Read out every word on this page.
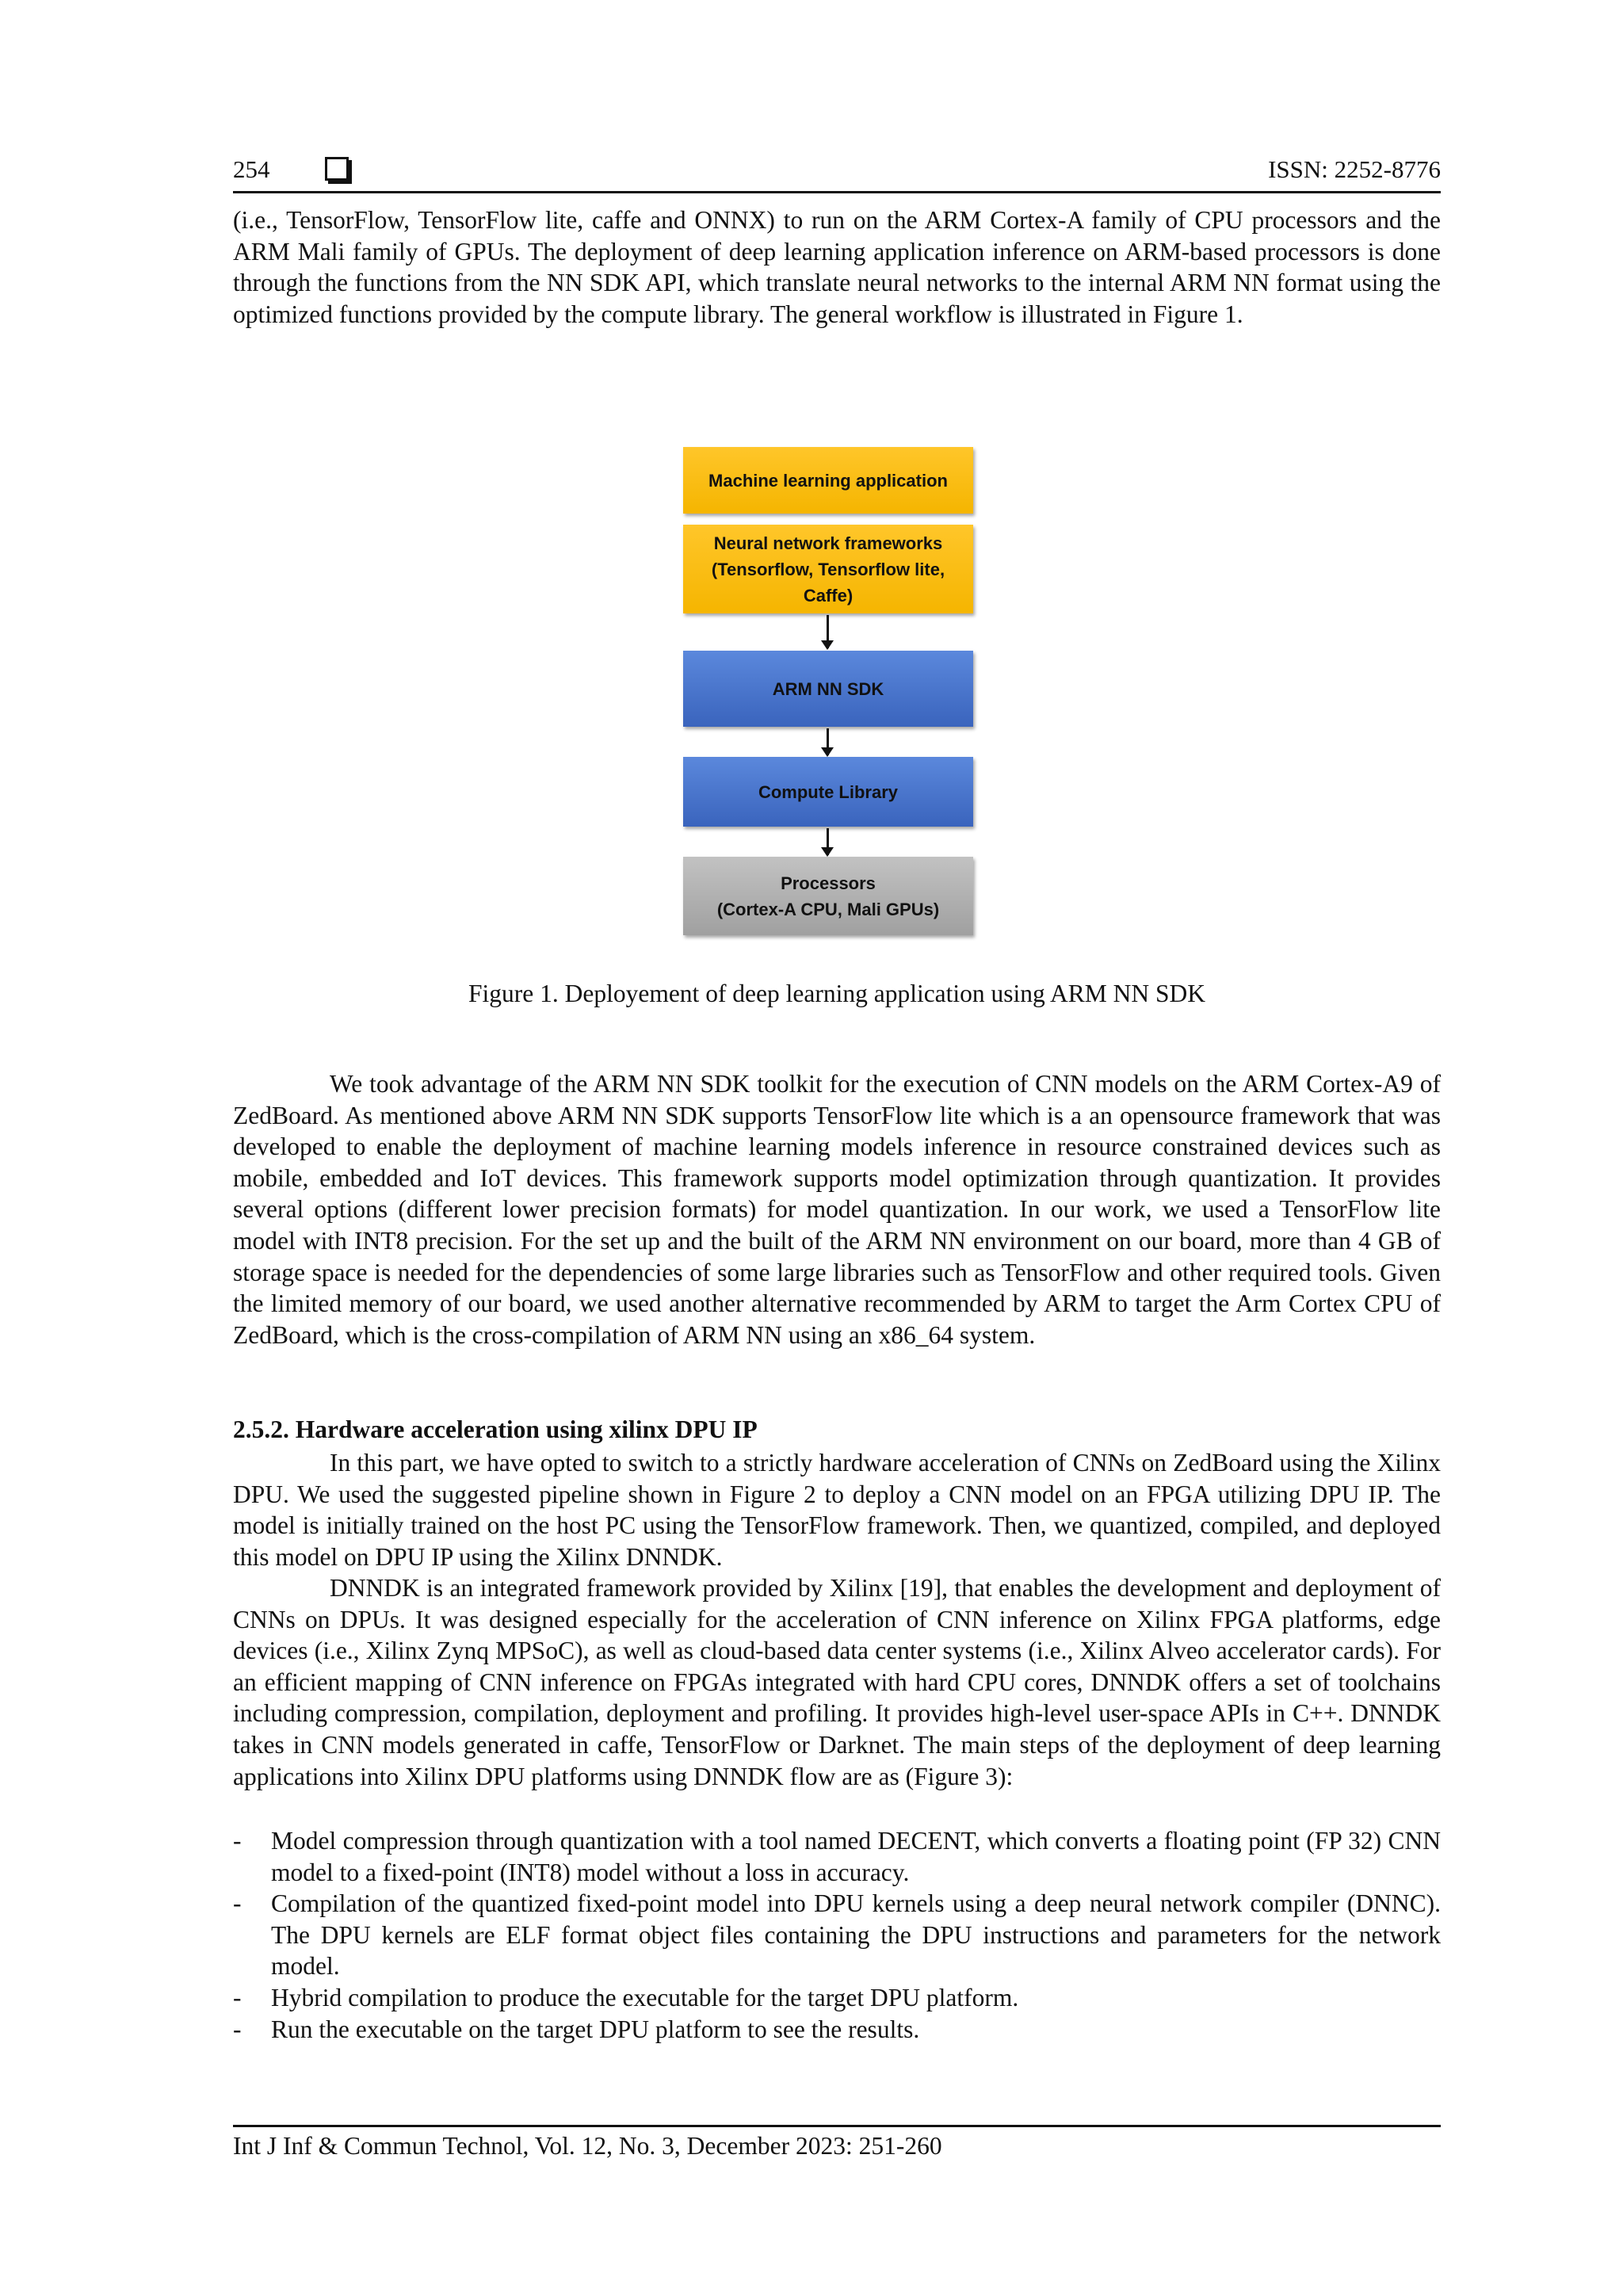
254	ISSN: 2252-8776

(i.e., TensorFlow, TensorFlow lite, caffe and ONNX) to run on the ARM Cortex-A family of CPU processors and the ARM Mali family of GPUs. The deployment of deep learning application inference on ARM-based processors is done through the functions from the NN SDK API, which translate neural networks to the internal ARM NN format using the optimized functions provided by the compute library. The general workflow is illustrated in Figure 1.

Machine learning application
Neural network frameworks
(Tensorflow, Tensorflow lite,
Caffe)
ARM NN SDK
Compute Library
Processors
(Cortex-A CPU, Mali GPUs)

Figure 1. Deployement of deep learning application using ARM NN SDK

We took advantage of the ARM NN SDK toolkit for the execution of CNN models on the ARM Cortex-A9 of ZedBoard. As mentioned above ARM NN SDK supports TensorFlow lite which is a an opensource framework that was developed to enable the deployment of machine learning models inference in resource constrained devices such as mobile, embedded and IoT devices. This framework supports model optimization through quantization. It provides several options (different lower precision formats) for model quantization. In our work, we used a TensorFlow lite model with INT8 precision. For the set up and the built of the ARM NN environment on our board, more than 4 GB of storage space is needed for the dependencies of some large libraries such as TensorFlow and other required tools. Given the limited memory of our board, we used another alternative recommended by ARM to target the Arm Cortex CPU of ZedBoard, which is the cross-compilation of ARM NN using an x86_64 system.

2.5.2. Hardware acceleration using xilinx DPU IP

In this part, we have opted to switch to a strictly hardware acceleration of CNNs on ZedBoard using the Xilinx DPU. We used the suggested pipeline shown in Figure 2 to deploy a CNN model on an FPGA utilizing DPU IP. The model is initially trained on the host PC using the TensorFlow framework. Then, we quantized, compiled, and deployed this model on DPU IP using the Xilinx DNNDK.

DNNDK is an integrated framework provided by Xilinx [19], that enables the development and deployment of CNNs on DPUs. It was designed especially for the acceleration of CNN inference on Xilinx FPGA platforms, edge devices (i.e., Xilinx Zynq MPSoC), as well as cloud-based data center systems (i.e., Xilinx Alveo accelerator cards). For an efficient mapping of CNN inference on FPGAs integrated with hard CPU cores, DNNDK offers a set of toolchains including compression, compilation, deployment and profiling. It provides high-level user-space APIs in C++. DNNDK takes in CNN models generated in caffe, TensorFlow or Darknet. The main steps of the deployment of deep learning applications into Xilinx DPU platforms using DNNDK flow are as (Figure 3):

- Model compression through quantization with a tool named DECENT, which converts a floating point (FP 32) CNN model to a fixed-point (INT8) model without a loss in accuracy.
- Compilation of the quantized fixed-point model into DPU kernels using a deep neural network compiler (DNNC). The DPU kernels are ELF format object files containing the DPU instructions and parameters for the network model.
- Hybrid compilation to produce the executable for the target DPU platform.
- Run the executable on the target DPU platform to see the results.

Int J Inf & Commun Technol, Vol. 12, No. 3, December 2023: 251-260
